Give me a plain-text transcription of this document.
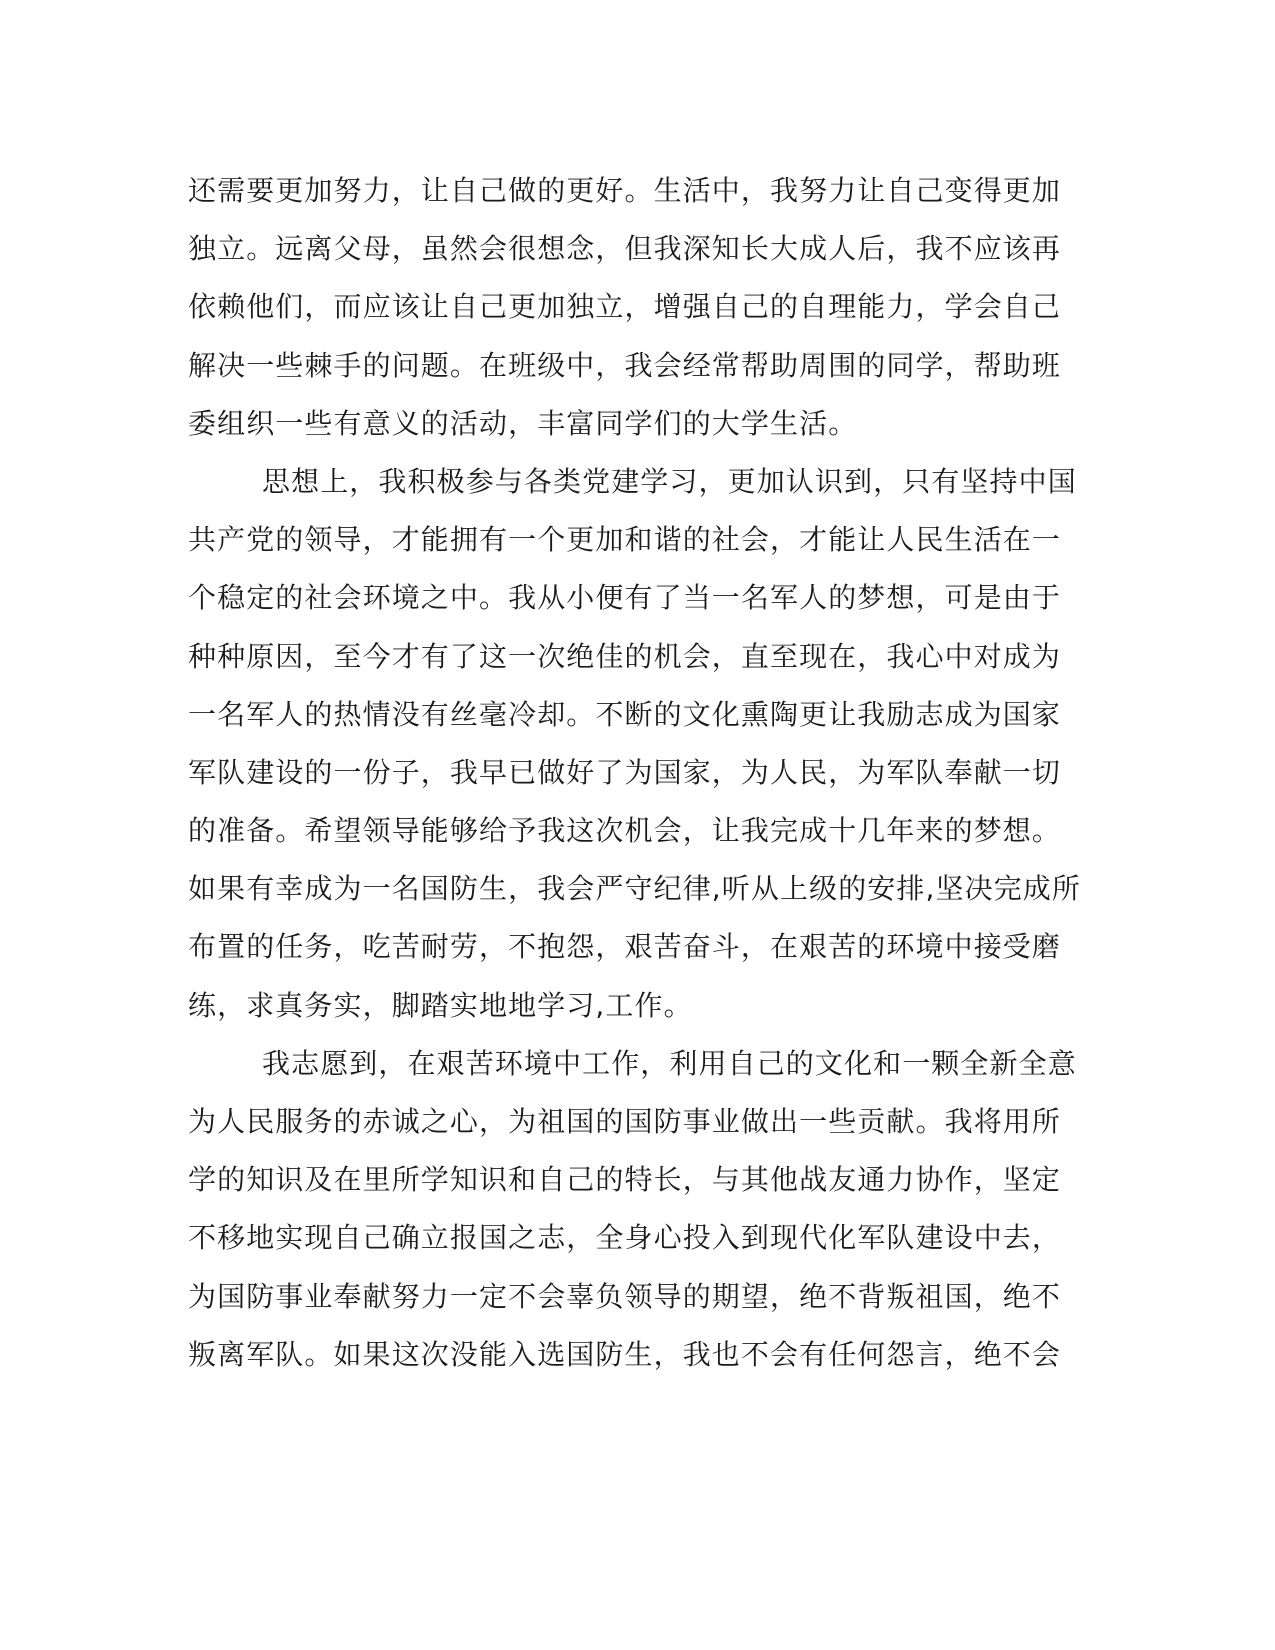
还需要更加努力，让自己做的更好。生活中，我努力让自己变得更加
独立。远离父母，虽然会很想念，但我深知长大成人后，我不应该再
依赖他们，而应该让自己更加独立，增强自己的自理能力，学会自己
解决一些棘手的问题。在班级中，我会经常帮助周围的同学，帮助班
委组织一些有意义的活动，丰富同学们的大学生活。
思想上，我积极参与各类党建学习，更加认识到，只有坚持中国
共产党的领导，才能拥有一个更加和谐的社会，才能让人民生活在一
个稳定的社会环境之中。我从小便有了当一名军人的梦想，可是由于
种种原因，至今才有了这一次绝佳的机会，直至现在，我心中对成为
一名军人的热情没有丝毫冷却。不断的文化熏陶更让我励志成为国家
军队建设的一份子，我早已做好了为国家，为人民，为军队奉献一切
的准备。希望领导能够给予我这次机会，让我完成十几年来的梦想。
如果有幸成为一名国防生，我会严守纪律,听从上级的安排,坚决完成所
布置的任务，吃苦耐劳，不抱怨，艰苦奋斗，在艰苦的环境中接受磨
练，求真务实，脚踏实地地学习,工作。
我志愿到，在艰苦环境中工作，利用自己的文化和一颗全新全意
为人民服务的赤诚之心，为祖国的国防事业做出一些贡献。我将用所
学的知识及在里所学知识和自己的特长，与其他战友通力协作，坚定
不移地实现自己确立报国之志，全身心投入到现代化军队建设中去，
为国防事业奉献努力一定不会辜负领导的期望，绝不背叛祖国，绝不
叛离军队。如果这次没能入选国防生，我也不会有任何怨言，绝不会
